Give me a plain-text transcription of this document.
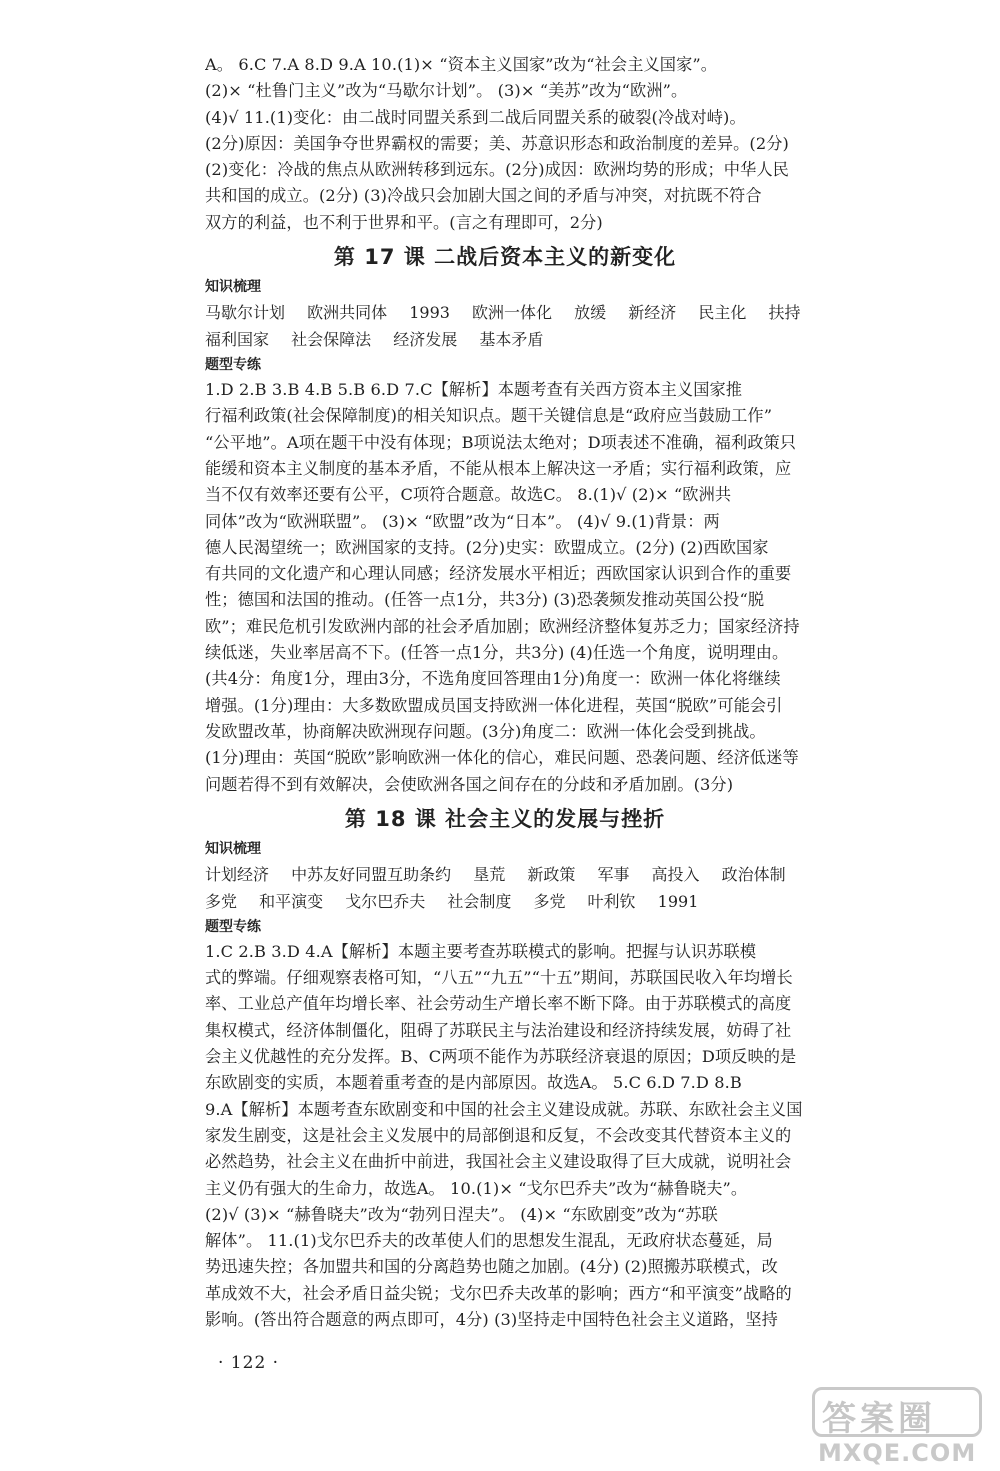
A。 6.C 7.A 8.D 9.A 10.(1)× “资本主义国家”改为“社会主义国家”。
(2)× “杜鲁门主义”改为“马歇尔计划”。 (3)× “美苏”改为“欧洲”。
(4)√ 11.(1)变化：由二战时同盟关系到二战后同盟关系的破裂(冷战对峙)。
(2分)原因：美国争夺世界霸权的需要；美、苏意识形态和政治制度的差异。(2分)
(2)变化：冷战的焦点从欧洲转移到远东。(2分)成因：欧洲均势的形成；中华人民
共和国的成立。(2分) (3)冷战只会加剧大国之间的矛盾与冲突，对抗既不符合
双方的利益，也不利于世界和平。(言之有理即可，2分)
第 17 课 二战后资本主义的新变化
知识梳理
马歇尔计划 欧洲共同体 1993 欧洲一体化 放缓 新经济 民主化 扶持
福利国家 社会保障法 经济发展 基本矛盾
题型专练
1.D 2.B 3.B 4.B 5.B 6.D 7.C【解析】本题考查有关西方资本主义国家推
行福利政策(社会保障制度)的相关知识点。题干关键信息是“政府应当鼓励工作”
“公平地”。A项在题干中没有体现；B项说法太绝对；D项表述不准确，福利政策只
能缓和资本主义制度的基本矛盾，不能从根本上解决这一矛盾；实行福利政策，应
当不仅有效率还要有公平，C项符合题意。故选C。 8.(1)√ (2)× “欧洲共
同体”改为“欧洲联盟”。 (3)× “欧盟”改为“日本”。 (4)√ 9.(1)背景：两
德人民渴望统一；欧洲国家的支持。(2分)史实：欧盟成立。(2分) (2)西欧国家
有共同的文化遗产和心理认同感；经济发展水平相近；西欧国家认识到合作的重要
性；德国和法国的推动。(任答一点1分，共3分) (3)恐袭频发推动英国公投“脱
欧”；难民危机引发欧洲内部的社会矛盾加剧；欧洲经济整体复苏乏力；国家经济持
续低迷，失业率居高不下。(任答一点1分，共3分) (4)任选一个角度，说明理由。
(共4分：角度1分，理由3分，不选角度回答理由1分)角度一：欧洲一体化将继续
增强。(1分)理由：大多数欧盟成员国支持欧洲一体化进程，英国“脱欧”可能会引
发欧盟改革，协商解决欧洲现存问题。(3分)角度二：欧洲一体化会受到挑战。
(1分)理由：英国“脱欧”影响欧洲一体化的信心，难民问题、恐袭问题、经济低迷等
问题若得不到有效解决，会使欧洲各国之间存在的分歧和矛盾加剧。(3分)
第 18 课 社会主义的发展与挫折
知识梳理
计划经济 中苏友好同盟互助条约 垦荒 新政策 军事 高投入 政治体制
多党 和平演变 戈尔巴乔夫 社会制度 多党 叶利钦 1991
题型专练
1.C 2.B 3.D 4.A【解析】本题主要考查苏联模式的影响。把握与认识苏联模
式的弊端。仔细观察表格可知，“八五”“九五”“十五”期间，苏联国民收入年均增长
率、工业总产值年均增长率、社会劳动生产增长率不断下降。由于苏联模式的高度
集权模式，经济体制僵化，阻碍了苏联民主与法治建设和经济持续发展，妨碍了社
会主义优越性的充分发挥。B、C两项不能作为苏联经济衰退的原因；D项反映的是
东欧剧变的实质，本题着重考查的是内部原因。故选A。 5.C 6.D 7.D 8.B
9.A【解析】本题考查东欧剧变和中国的社会主义建设成就。苏联、东欧社会主义国
家发生剧变，这是社会主义发展中的局部倒退和反复，不会改变其代替资本主义的
必然趋势，社会主义在曲折中前进，我国社会主义建设取得了巨大成就，说明社会
主义仍有强大的生命力，故选A。 10.(1)× “戈尔巴乔夫”改为“赫鲁晓夫”。
(2)√ (3)× “赫鲁晓夫”改为“勃列日涅夫”。 (4)× “东欧剧变”改为“苏联
解体”。 11.(1)戈尔巴乔夫的改革使人们的思想发生混乱，无政府状态蔓延，局
势迅速失控；各加盟共和国的分离趋势也随之加剧。(4分) (2)照搬苏联模式，改
革成效不大，社会矛盾日益尖锐；戈尔巴乔夫改革的影响；西方“和平演变”战略的
影响。(答出符合题意的两点即可，4分) (3)坚持走中国特色社会主义道路，坚持
· 122 ·
答案圈
MXQE.COM
